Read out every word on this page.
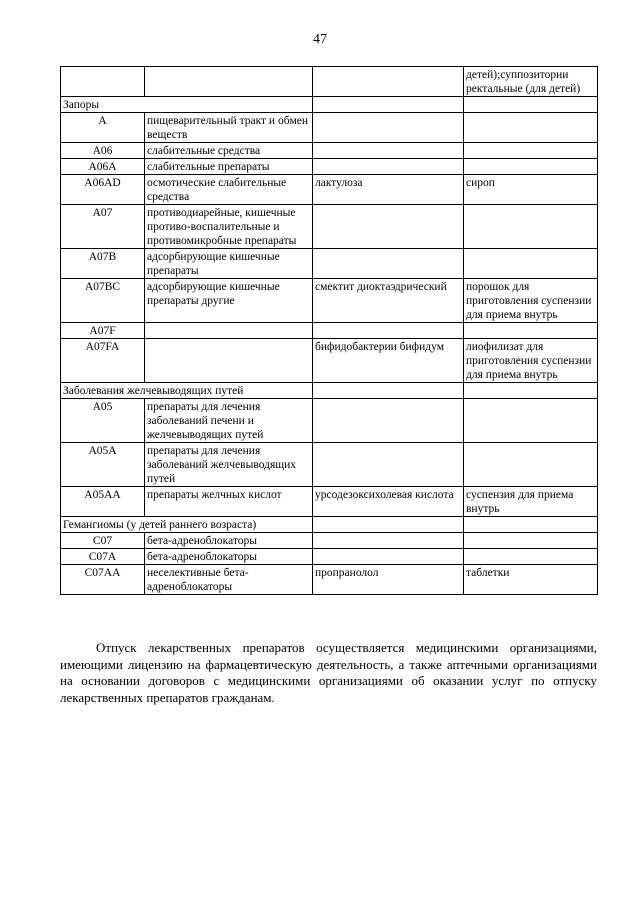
47
			детей);суппозитории ректальные (для детей)
Запоры			
A	пищеварительный тракт и обмен веществ		
A06	слабительные средства		
A06A	слабительные препараты		
A06AD	осмотические слабительные средства	лактулоза	сироп
A07	противодиарейные, кишечные противо-воспалительные и противомикробные препараты		
A07B	адсорбирующие кишечные препараты		
A07BC	адсорбирующие кишечные препараты другие	смектит диоктаэдрический	порошок для приготовления суспензии для приема внутрь
A07F			
A07FA		бифидобактерии бифидум	лиофилизат для приготовления суспензии для приема внутрь
Заболевания желчевыводящих путей			
A05	препараты для лечения заболеваний печени и желчевыводящих путей		
A05A	препараты для лечения заболеваний желчевыводящих путей		
A05AA	препараты желчных кислот	урсодезоксихолевая кислота	суспензия для приема внутрь
Гемангиомы (у детей раннего возраста)			
C07	бета-адреноблокаторы		
C07A	бета-адреноблокаторы		
C07AA	неселективные бета-адреноблокаторы	пропранолол	таблетки

Отпуск лекарственных препаратов осуществляется медицинскими организациями, имеющими лицензию на фармацевтическую деятельность, а также аптечными организациями на основании договоров с медицинскими организациями об оказании услуг по отпуску лекарственных препаратов гражданам.
